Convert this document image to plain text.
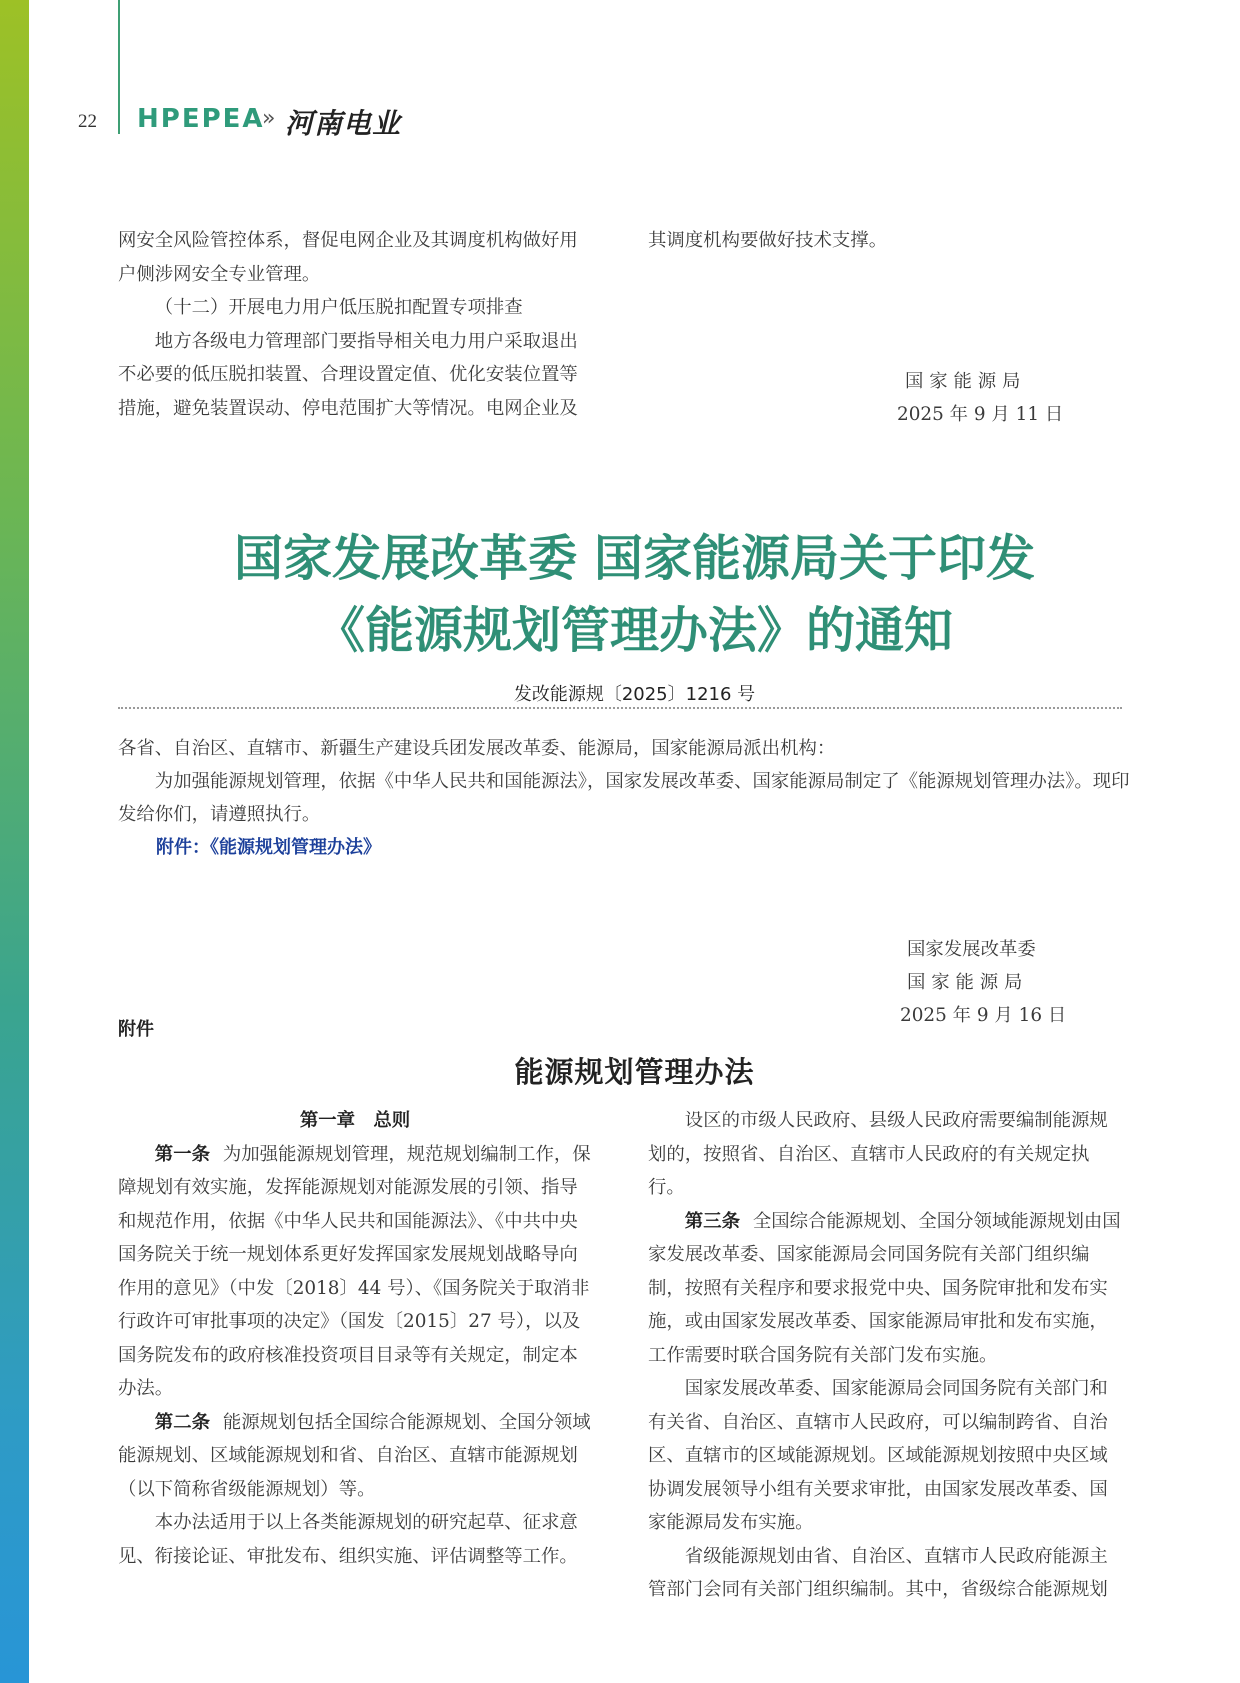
22 HPEPEA
» 河南电业

网安全风险管控体系，督促电网企业及其调度机构做好用户侧涉网安全专业管理。

（十二）开展电力用户低压脱扣配置专项排查

地方各级电力管理部门要指导相关电力用户采取退出不必要的低压脱扣装置、合理设置定值、优化安装位置等措施，避免装置误动、停电范围扩大等情况。电网企业及

其调度机构要做好技术支撑。

国 家 能 源 局
2025 年 9 月 11 日
国家发展改革委 国家能源局关于印发
《能源规划管理办法》的通知
发改能源规〔2025〕1216 号

各省、自治区、直辖市、新疆生产建设兵团发展改革委、能源局，国家能源局派出机构：

为加强能源规划管理，依据《中华人民共和国能源法》，国家发展改革委、国家能源局制定了《能源规划管理办法》。现印发给你们，请遵照执行。

附件：《能源规划管理办法》
国家发展改革委
国 家 能 源 局
2025 年 9 月 16 日
附件
能源规划管理办法

第一章　总则

第一条 为加强能源规划管理，规范规划编制工作，保障规划有效实施，发挥能源规划对能源发展的引领、指导和规范作用，依据《中华人民共和国能源法》、《中共中央国务院关于统一规划体系更好发挥国家发展规划战略导向作用的意见》（中发〔2018〕44 号）、《国务院关于取消非行政许可审批事项的决定》（国发〔2015〕27 号），以及国务院发布的政府核准投资项目目录等有关规定，制定本办法。

第二条 能源规划包括全国综合能源规划、全国分领域能源规划、区域能源规划和省、自治区、直辖市能源规划（以下简称省级能源规划）等。

本办法适用于以上各类能源规划的研究起草、征求意见、衔接论证、审批发布、组织实施、评估调整等工作。

设区的市级人民政府、县级人民政府需要编制能源规划的，按照省、自治区、直辖市人民政府的有关规定执行。

第三条 全国综合能源规划、全国分领域能源规划由国家发展改革委、国家能源局会同国务院有关部门组织编制，按照有关程序和要求报党中央、国务院审批和发布实施，或由国家发展改革委、国家能源局审批和发布实施，工作需要时联合国务院有关部门发布实施。

国家发展改革委、国家能源局会同国务院有关部门和有关省、自治区、直辖市人民政府，可以编制跨省、自治区、直辖市的区域能源规划。区域能源规划按照中央区域协调发展领导小组有关要求审批，由国家发展改革委、国家能源局发布实施。

省级能源规划由省、自治区、直辖市人民政府能源主管部门会同有关部门组织编制。其中，省级综合能源规划
